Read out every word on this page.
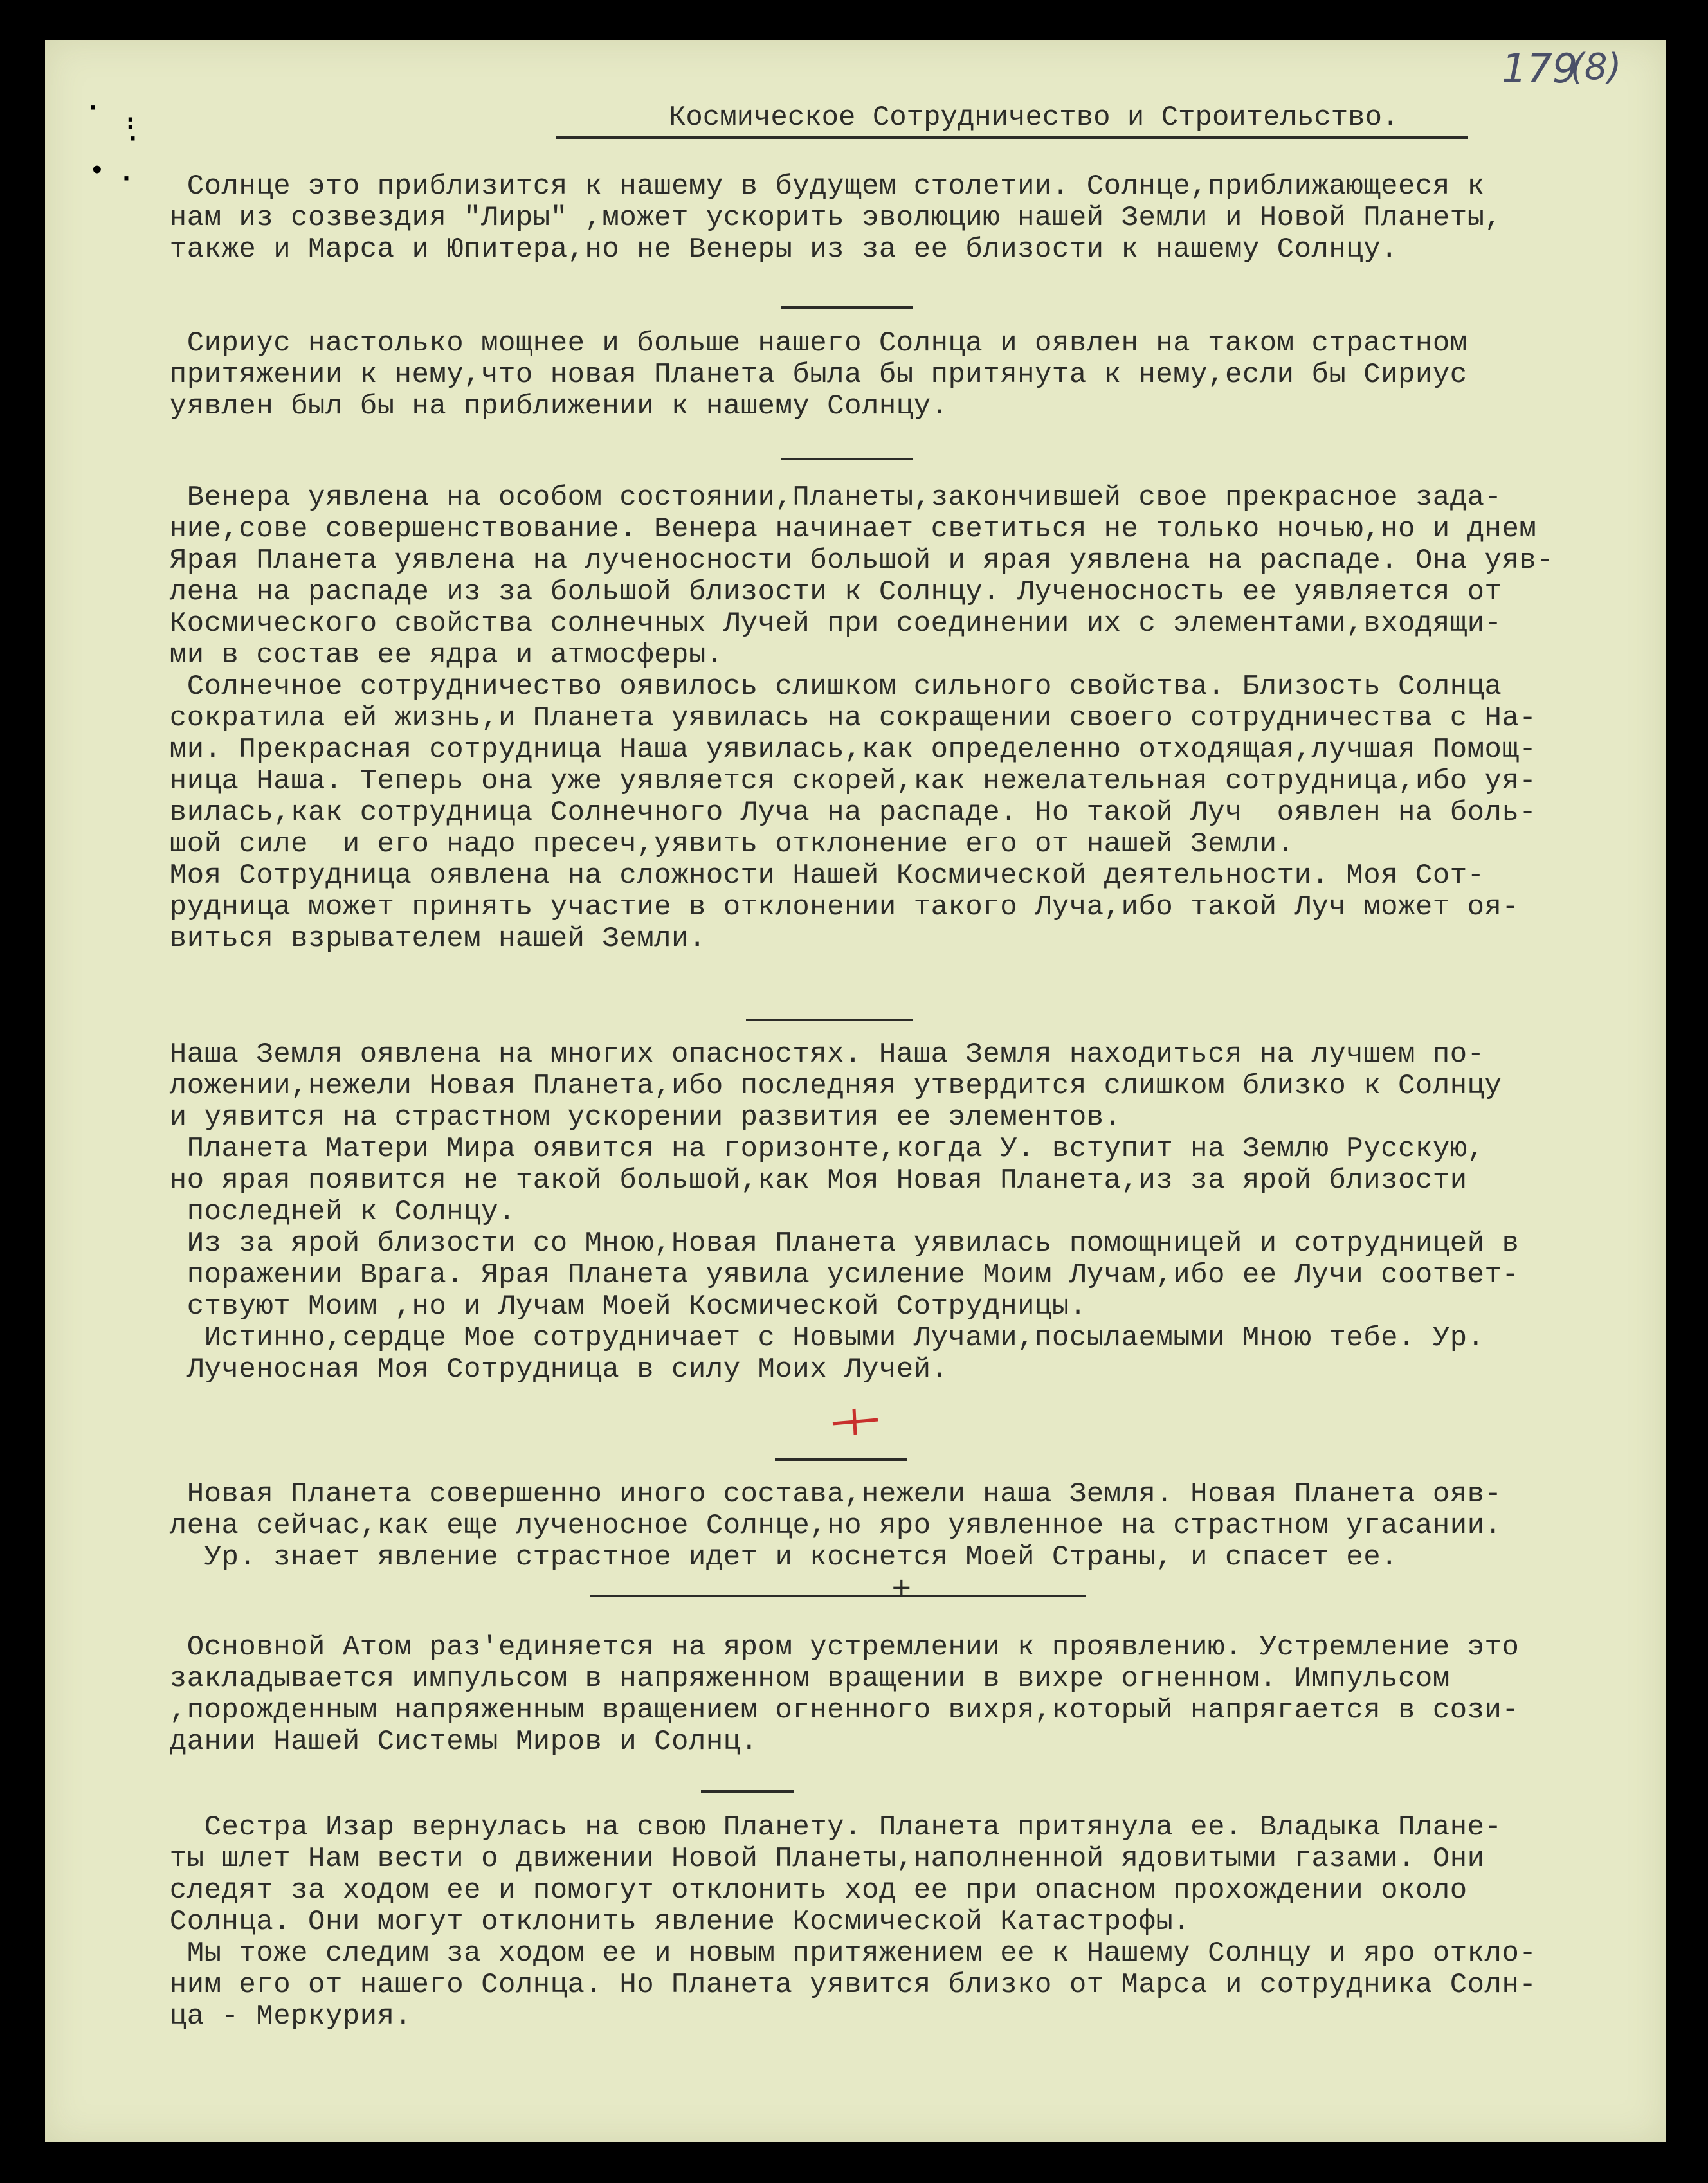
179
(8)
·
:
·
• ·
Космическое Сотрудничество и Строительство.
Солнце это приблизится к нашему в будущем столетии. Солнце,приближающееся к
нам из созвездия "Лиры" ,может ускорить эволюцию нашей Земли и Новой Планеты,
также и Марса и Юпитера,но не Венеры из за ее близости к нашему Солнцу.
Сириус настолько мощнее и больше нашего Солнца и оявлен на таком страстном
притяжении к нему,что новая Планета была бы притянута к нему,если бы Сириус
уявлен был бы на приближении к нашему Солнцу.
Венера уявлена на особом состоянии,Планеты,закончившей свое прекрасное зада-
ние,сове совершенствование. Венера начинает светиться не только ночью,но и днем
Ярая Планета уявлена на лученосности большой и ярая уявлена на распаде. Она уяв-
лена на распаде из за большой близости к Солнцу. Лученосность ее уявляется от
Космического свойства солнечных Лучей при соединении их с элементами,входящи-
ми в состав ее ядра и атмосферы.
Солнечное сотрудничество оявилось слишком сильного свойства. Близость Солнца
сократила ей жизнь,и Планета уявилась на сокращении своего сотрудничества с На-
ми. Прекрасная сотрудница Наша уявилась,как определенно отходящая,лучшая Помощ-
ница Наша. Теперь она уже уявляется скорей,как нежелательная сотрудница,ибо уя-
вилась,как сотрудница Солнечного Луча на распаде. Но такой Луч  оявлен на боль-
шой силе  и его надо пресеч,уявить отклонение его от нашей Земли.
Моя Сотрудница оявлена на сложности Нашей Космической деятельности. Моя Сот-
рудница может принять участие в отклонении такого Луча,ибо такой Луч может оя-
виться взрывателем нашей Земли.
Наша Земля оявлена на многих опасностях. Наша Земля находиться на лучшем по-
ложении,нежели Новая Планета,ибо последняя утвердится слишком близко к Солнцу
и уявится на страстном ускорении развития ее элементов.
Планета Матери Мира оявится на горизонте,когда У. вступит на Землю Русскую,
но ярая появится не такой большой,как Моя Новая Планета,из за ярой близости
последней к Солнцу.
Из за ярой близости со Мною,Новая Планета уявилась помощницей и сотрудницей в
поражении Врага. Ярая Планета уявила усиление Моим Лучам,ибо ее Лучи соответ-
ствуют Моим ,но и Лучам Моей Космической Сотрудницы.
Истинно,сердце Мое сотрудничает с Новыми Лучами,посылаемыми Мною тебе. Ур.
Лученосная Моя Сотрудница в силу Моих Лучей.
Новая Планета совершенно иного состава,нежели наша Земля. Новая Планета ояв-
лена сейчас,как еще лученосное Солнце,но яро уявленное на страстном угасании.
Ур. знает явление страстное идет и коснется Моей Страны, и спасет ее.
+
Основной Атом раз'единяется на яром устремлении к проявлению. Устремление это
закладывается импульсом в напряженном вращении в вихре огненном. Импульсом
,порожденным напряженным вращением огненного вихря,который напрягается в сози-
дании Нашей Системы Миров и Солнц.
Сестра Изар вернулась на свою Планету. Планета притянула ее. Владыка Плане-
ты шлет Нам вести о движении Новой Планеты,наполненной ядовитыми газами. Они
следят за ходом ее и помогут отклонить ход ее при опасном прохождении около
Солнца. Они могут отклонить явление Космической Катастрофы.
Мы тоже следим за ходом ее и новым притяжением ее к Нашему Солнцу и яро откло-
ним его от нашего Солнца. Но Планета уявится близко от Марса и сотрудника Солн-
ца - Меркурия.
